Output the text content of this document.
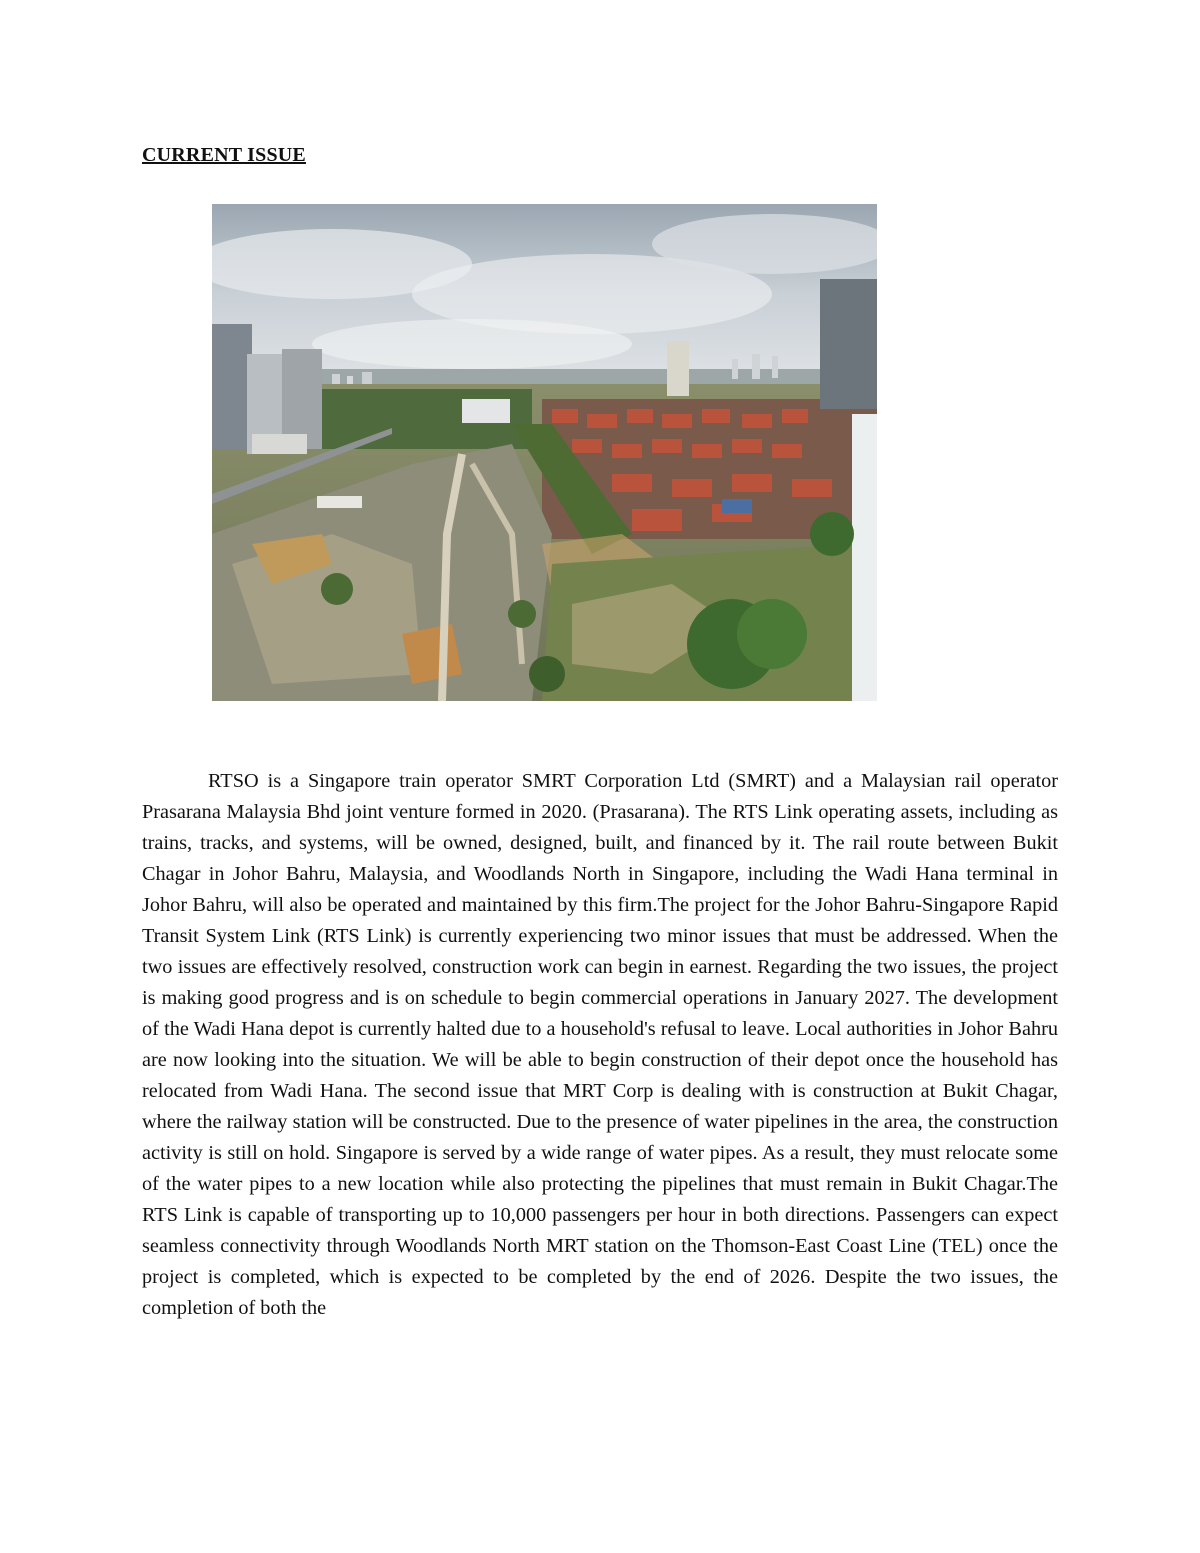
CURRENT ISSUE

RTSO is a Singapore train operator SMRT Corporation Ltd (SMRT) and a Malaysian rail operator Prasarana Malaysia Bhd joint venture formed in 2020. (Prasarana). The RTS Link operating assets, including as trains, tracks, and systems, will be owned, designed, built, and financed by it. The rail route between Bukit Chagar in Johor Bahru, Malaysia, and Woodlands North in Singapore, including the Wadi Hana terminal in Johor Bahru, will also be operated and maintained by this firm.The project for the Johor Bahru-Singapore Rapid Transit System Link (RTS Link) is currently experiencing two minor issues that must be addressed. When the two issues are effectively resolved, construction work can begin in earnest. Regarding the two issues, the project is making good progress and is on schedule to begin commercial operations in January 2027. The development of the Wadi Hana depot is currently halted due to a household's refusal to leave. Local authorities in Johor Bahru are now looking into the situation. We will be able to begin construction of their depot once the household has relocated from Wadi Hana. The second issue that MRT Corp is dealing with is construction at Bukit Chagar, where the railway station will be constructed. Due to the presence of water pipelines in the area, the construction activity is still on hold. Singapore is served by a wide range of water pipes. As a result, they must relocate some of the water pipes to a new location while also protecting the pipelines that must remain in Bukit Chagar.The RTS Link is capable of transporting up to 10,000 passengers per hour in both directions. Passengers can expect seamless connectivity through Woodlands North MRT station on the Thomson-East Coast Line (TEL) once the project is completed, which is expected to be completed by the end of 2026. Despite the two issues, the completion of both the
